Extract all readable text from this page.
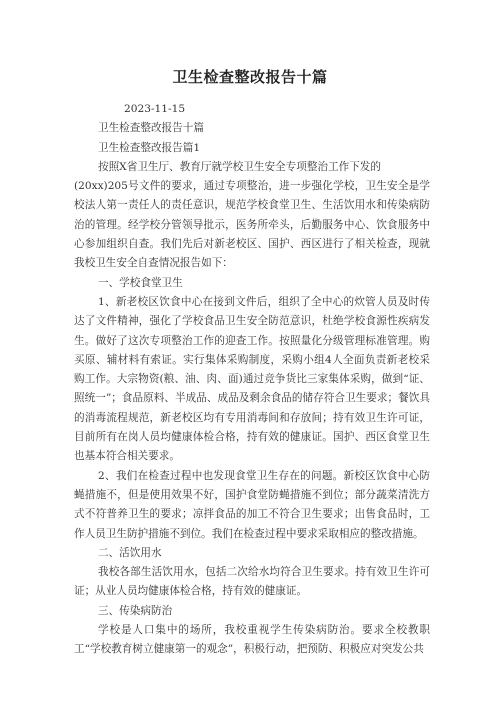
卫生检查整改报告十篇

2023-11-15

卫生检查整改报告十篇

卫生检查整改报告篇1

按照X省卫生厅、教育厅就学校卫生安全专项整治工作下发的

(20xx)205号文件的要求，通过专项整治，进一步强化学校，卫生安全是学校法人第一责任人的责任意识，规范学校食堂卫生、生活饮用水和传染病防治的管理。经学校分管领导批示，医务所牵头，后勤服务中心、饮食服务中心参加组织自查。我们先后对新老校区、国护、西区进行了相关检查，现就我校卫生安全自查情况报告如下：

一、学校食堂卫生

1、新老校区饮食中心在接到文件后，组织了全中心的炊管人员及时传达了文件精神，强化了学校食品卫生安全防范意识，杜绝学校食源性疾病发生。做好了这次专项整治工作的迎查工作。按照量化分级管理标准管理。购买原、辅材料有索证。实行集体采购制度，采购小组4人全面负责新老校采购工作。大宗物资(粮、油、肉、面)通过竞争货比三家集体采购，做到“证、照统一”；食品原料、半成品、成品及剩余食品的储存符合卫生要求；餐饮具的消毒流程规范，新老校区均有专用消毒间和存放间；持有效卫生许可证，目前所有在岗人员均健康体检合格，持有效的健康证。国护、西区食堂卫生也基本符合相关要求。

2、我们在检查过程中也发现食堂卫生存在的问题。新校区饮食中心防蝇措施不，但是使用效果不好，国护食堂防蝇措施不到位；部分蔬菜清洗方式不符普养卫生的要求；凉拌食品的加工不符合卫生要求；出售食品时，工作人员卫生防护措施不到位。我们在检查过程中要求采取相应的整改措施。

二、活饮用水

我校各部生活饮用水，包括二次给水均符合卫生要求。持有效卫生许可证；从业人员均健康体检合格，持有效的健康证。

三、传染病防治

学校是人口集中的场所，我校重视学生传染病防治。要求全校教职工“学校教育树立健康第一的观念”，积极行动，把预防、积极应对突发公共
